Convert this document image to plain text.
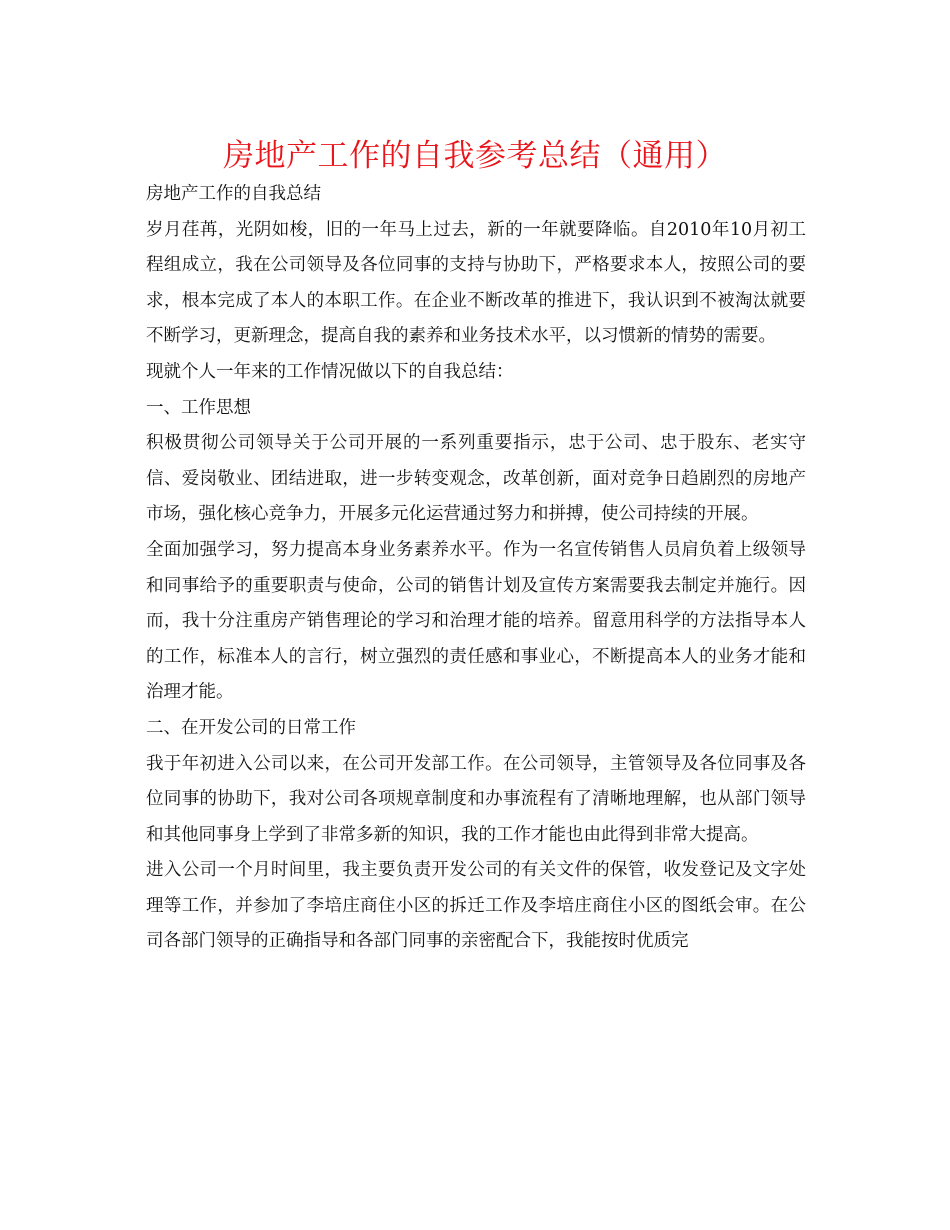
房地产工作的自我参考总结（通用）

房地产工作的自我总结

岁月荏苒，光阴如梭，旧的一年马上过去，新的一年就要降临。自2010年10月初工程组成立，我在公司领导及各位同事的支持与协助下，严格要求本人，按照公司的要求，根本完成了本人的本职工作。在企业不断改革的推进下，我认识到不被淘汰就要不断学习，更新理念，提高自我的素养和业务技术水平，以习惯新的情势的需要。

现就个人一年来的工作情况做以下的自我总结：

一、工作思想

积极贯彻公司领导关于公司开展的一系列重要指示，忠于公司、忠于股东、老实守信、爱岗敬业、团结进取，进一步转变观念，改革创新，面对竞争日趋剧烈的房地产市场，强化核心竞争力，开展多元化运营通过努力和拼搏，使公司持续的开展。

全面加强学习，努力提高本身业务素养水平。作为一名宣传销售人员肩负着上级领导和同事给予的重要职责与使命，公司的销售计划及宣传方案需要我去制定并施行。因而，我十分注重房产销售理论的学习和治理才能的培养。留意用科学的方法指导本人的工作，标准本人的言行，树立强烈的责任感和事业心，不断提高本人的业务才能和治理才能。

二、在开发公司的日常工作

我于年初进入公司以来，在公司开发部工作。在公司领导，主管领导及各位同事及各位同事的协助下，我对公司各项规章制度和办事流程有了清晰地理解，也从部门领导和其他同事身上学到了非常多新的知识，我的工作才能也由此得到非常大提高。

进入公司一个月时间里，我主要负责开发公司的有关文件的保管，收发登记及文字处理等工作，并参加了李培庄商住小区的拆迁工作及李培庄商住小区的图纸会审。在公司各部门领导的正确指导和各部门同事的亲密配合下，我能按时优质完
